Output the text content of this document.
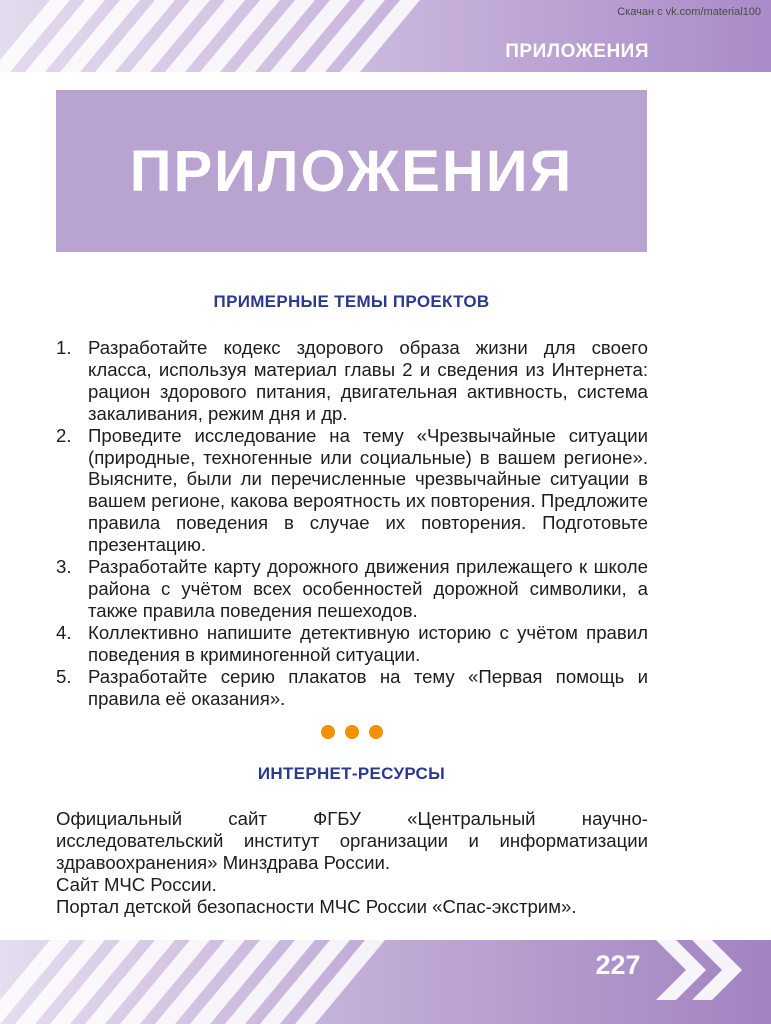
Скачан с vk.com/material100
ПРИЛОЖЕНИЯ
ПРИЛОЖЕНИЯ
ПРИМЕРНЫЕ ТЕМЫ ПРОЕКТОВ
1. Разработайте кодекс здорового образа жизни для своего класса, используя материал главы 2 и сведения из Интернета: рацион здорового питания, двигательная активность, система закаливания, режим дня и др.
2. Проведите исследование на тему «Чрезвычайные ситуации (природные, техногенные или социальные) в вашем регионе». Выясните, были ли перечисленные чрезвычайные ситуации в вашем регионе, какова вероятность их повторения. Предложите правила поведения в случае их повторения. Подготовьте презентацию.
3. Разработайте карту дорожного движения прилежащего к школе района с учётом всех особенностей дорожной символики, а также правила поведения пешеходов.
4. Коллективно напишите детективную историю с учётом правил поведения в криминогенной ситуации.
5. Разработайте серию плакатов на тему «Первая помощь и правила её оказания».
ИНТЕРНЕТ-РЕСУРСЫ

Официальный сайт ФГБУ «Центральный научно-исследовательский институт организации и информатизации здравоохранения» Минздрава России.

Сайт МЧС России.

Портал детской безопасности МЧС России «Спас-экстрим».

227
